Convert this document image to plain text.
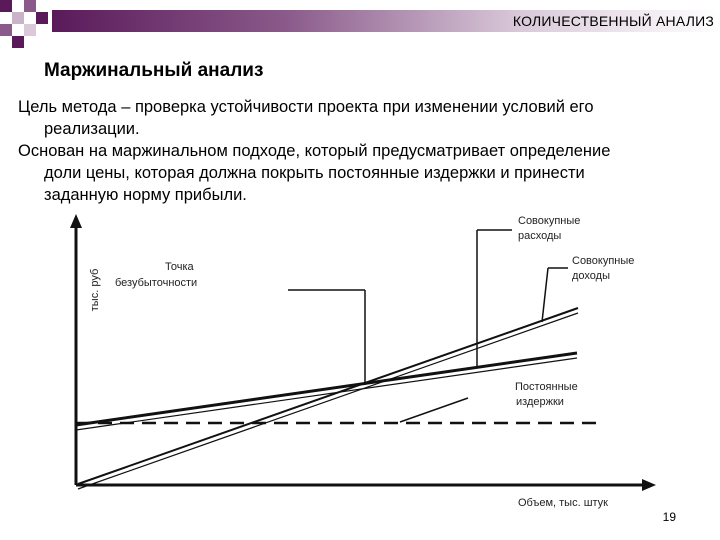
КОЛИЧЕСТВЕННЫЙ АНАЛИЗ
Маржинальный анализ
Цель метода – проверка устойчивости проекта при изменении условий его реализации.
Основан на маржинальном подходе, который предусматривает определение доли цены, которая должна покрыть постоянные издержки и принести заданную норму прибыли.
тыс. руб
Объем, тыс. штук
Точка
безубыточности
Совокупные
расходы
Совокупные
доходы
Постоянные
издержки
19
